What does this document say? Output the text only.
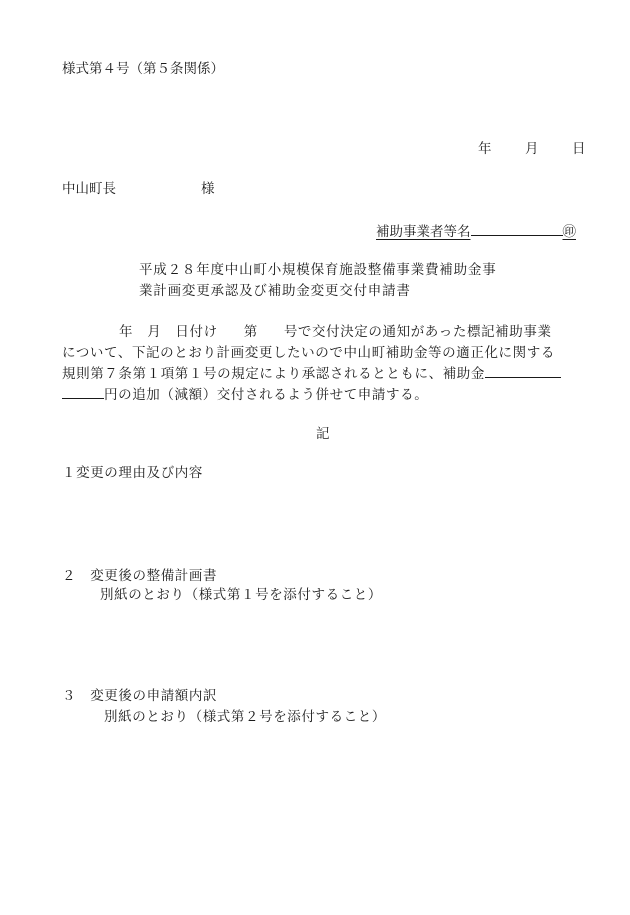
様式第４号（第５条関係）
年 月 日
中山町長	様
補助事業者等名	㊞
平成２８年度中山町小規模保育施設整備事業費補助金事
業計画変更承認及び補助金変更交付申請書
年　月　日付け 第 号で交付決定の通知があった標記補助事業
について、下記のとおり計画変更したいので中山町補助金等の適正化に関する
規則第７条第１項第１号の規定により承認されるとともに、補助金
円の追加（減額）交付されるよう併せて申請する。
記
１変更の理由及び内容
２　変更後の整備計画書
別紙のとおり（様式第１号を添付すること）
３　変更後の申請額内訳
別紙のとおり（様式第２号を添付すること）
